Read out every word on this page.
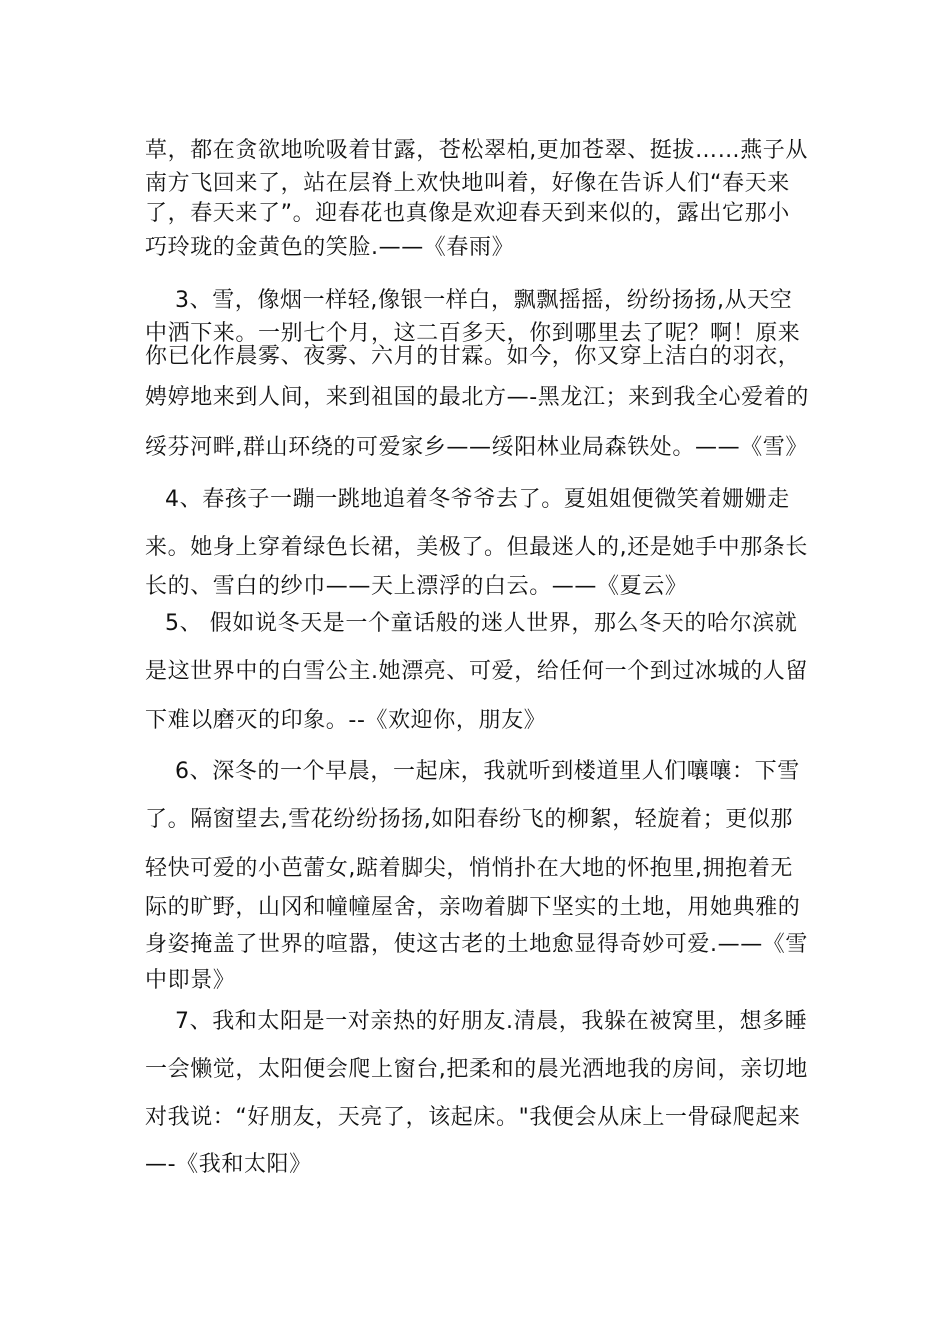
草，都在贪欲地吮吸着甘露，苍松翠柏,更加苍翠、挺拔……燕子从
南方飞回来了，站在层脊上欢快地叫着，好像在告诉人们“春天来
了，春天来了”。迎春花也真像是欢迎春天到来似的，露出它那小
巧玲珑的金黄色的笑脸.——《春雨》
3、雪，像烟一样轻,像银一样白，飘飘摇摇，纷纷扬扬,从天空
中洒下来。一别七个月，这二百多天，你到哪里去了呢？啊！原来
你已化作晨雾、夜雾、六月的甘霖。如今，你又穿上洁白的羽衣，
娉婷地来到人间，来到祖国的最北方—-黑龙江；来到我全心爱着的
绥芬河畔,群山环绕的可爱家乡——绥阳林业局森铁处。——《雪》
4、春孩子一蹦一跳地追着冬爷爷去了。夏姐姐便微笑着姗姗走
来。她身上穿着绿色长裙，美极了。但最迷人的,还是她手中那条长
长的、雪白的纱巾——天上漂浮的白云。——《夏云》
5、 假如说冬天是一个童话般的迷人世界，那么冬天的哈尔滨就
是这世界中的白雪公主.她漂亮、可爱，给任何一个到过冰城的人留
下难以磨灭的印象。--《欢迎你，朋友》
6、深冬的一个早晨，一起床，我就听到楼道里人们嚷嚷：下雪
了。隔窗望去,雪花纷纷扬扬,如阳春纷飞的柳絮，轻旋着；更似那
轻快可爱的小芭蕾女,踮着脚尖，悄悄扑在大地的怀抱里,拥抱着无
际的旷野，山冈和幢幢屋舍，亲吻着脚下坚实的土地，用她典雅的
身姿掩盖了世界的喧嚣，使这古老的土地愈显得奇妙可爱.——《雪
中即景》
7、我和太阳是一对亲热的好朋友.清晨，我躲在被窝里，想多睡
一会懒觉，太阳便会爬上窗台,把柔和的晨光洒地我的房间，亲切地
对我说：“好朋友，天亮了，该起床。"我便会从床上一骨碌爬起来
—-《我和太阳》
